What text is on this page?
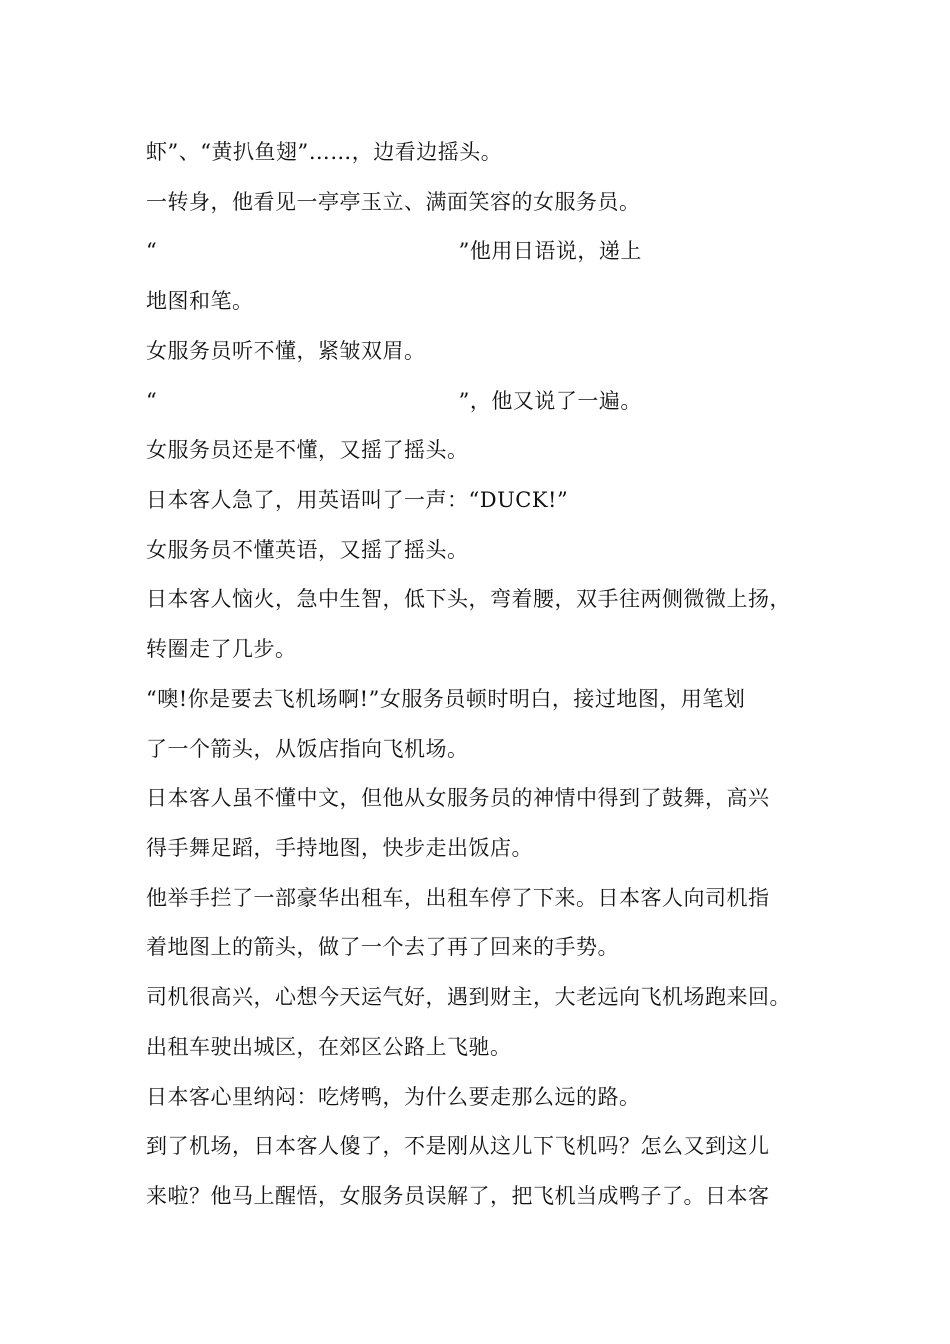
虾”、“黄扒鱼翅”……，边看边摇头。
一转身，他看见一亭亭玉立、满面笑容的女服务员。
“                                          ”他用日语说，递上
地图和笔。
女服务员听不懂，紧皱双眉。
“                                          ”，他又说了一遍。
女服务员还是不懂，又摇了摇头。
日本客人急了，用英语叫了一声：“DUCK!”
女服务员不懂英语，又摇了摇头。
日本客人恼火，急中生智，低下头，弯着腰，双手往两侧微微上扬，
转圈走了几步。
“噢!你是要去飞机场啊!”女服务员顿时明白，接过地图，用笔划
了一个箭头，从饭店指向飞机场。
日本客人虽不懂中文，但他从女服务员的神情中得到了鼓舞，高兴
得手舞足蹈，手持地图，快步走出饭店。
他举手拦了一部豪华出租车，出租车停了下来。日本客人向司机指
着地图上的箭头，做了一个去了再了回来的手势。
司机很高兴，心想今天运气好，遇到财主，大老远向飞机场跑来回。
出租车驶出城区，在郊区公路上飞驰。
日本客心里纳闷：吃烤鸭，为什么要走那么远的路。
到了机场，日本客人傻了，不是刚从这儿下飞机吗？怎么又到这儿
来啦？他马上醒悟，女服务员误解了，把飞机当成鸭子了。日本客
